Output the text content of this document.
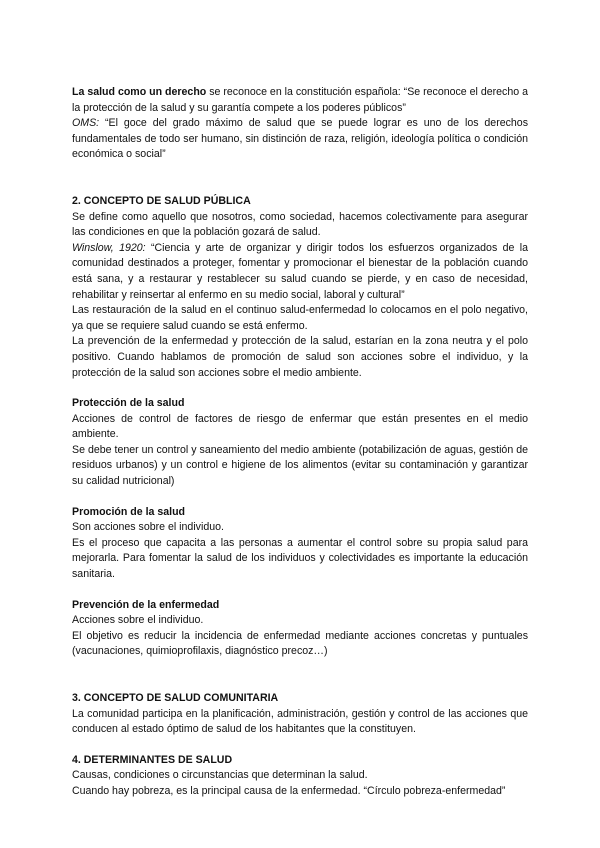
La salud como un derecho se reconoce en la constitución española: “Se reconoce el derecho a la protección de la salud y su garantía compete a los poderes públicos”

OMS: “El goce del grado máximo de salud que se puede lograr es uno de los derechos fundamentales de todo ser humano, sin distinción de raza, religión, ideología política o condición económica o social”

2. CONCEPTO DE SALUD PÚBLICA

Se define como aquello que nosotros, como sociedad, hacemos colectivamente para asegurar las condiciones en que la población gozará de salud.

Winslow, 1920: “Ciencia y arte de organizar y dirigir todos los esfuerzos organizados de la comunidad destinados a proteger, fomentar y promocionar el bienestar de la población cuando está sana, y a restaurar y restablecer su salud cuando se pierde, y en caso de necesidad, rehabilitar y reinsertar al enfermo en su medio social, laboral y cultural”

Las restauración de la salud en el continuo salud-enfermedad lo colocamos en el polo negativo, ya que se requiere salud cuando se está enfermo.

La prevención de la enfermedad y protección de la salud, estarían en la zona neutra y el polo positivo. Cuando hablamos de promoción de salud son acciones sobre el individuo, y la protección de la salud son acciones sobre el medio ambiente.

Protección de la salud

Acciones de control de factores de riesgo de enfermar que están presentes en el medio ambiente.

Se debe tener un control y saneamiento del medio ambiente (potabilización de aguas, gestión de residuos urbanos) y un control e higiene de los alimentos (evitar su contaminación y garantizar su calidad nutricional)

Promoción de la salud

Son acciones sobre el individuo.

Es el proceso que capacita a las personas a aumentar el control sobre su propia salud para mejorarla. Para fomentar la salud de los individuos y colectividades es importante la educación sanitaria.

Prevención de la enfermedad

Acciones sobre el individuo.

El objetivo es reducir la incidencia de enfermedad mediante acciones concretas y puntuales (vacunaciones, quimioprofilaxis, diagnóstico precoz…)

3. CONCEPTO DE SALUD COMUNITARIA

La comunidad participa en la planificación, administración, gestión y control de las acciones que conducen al estado óptimo de salud de los habitantes que la constituyen.

4. DETERMINANTES DE SALUD

Causas, condiciones o circunstancias que determinan la salud.

Cuando hay pobreza, es la principal causa de la enfermedad. “Círculo pobreza-enfermedad”
